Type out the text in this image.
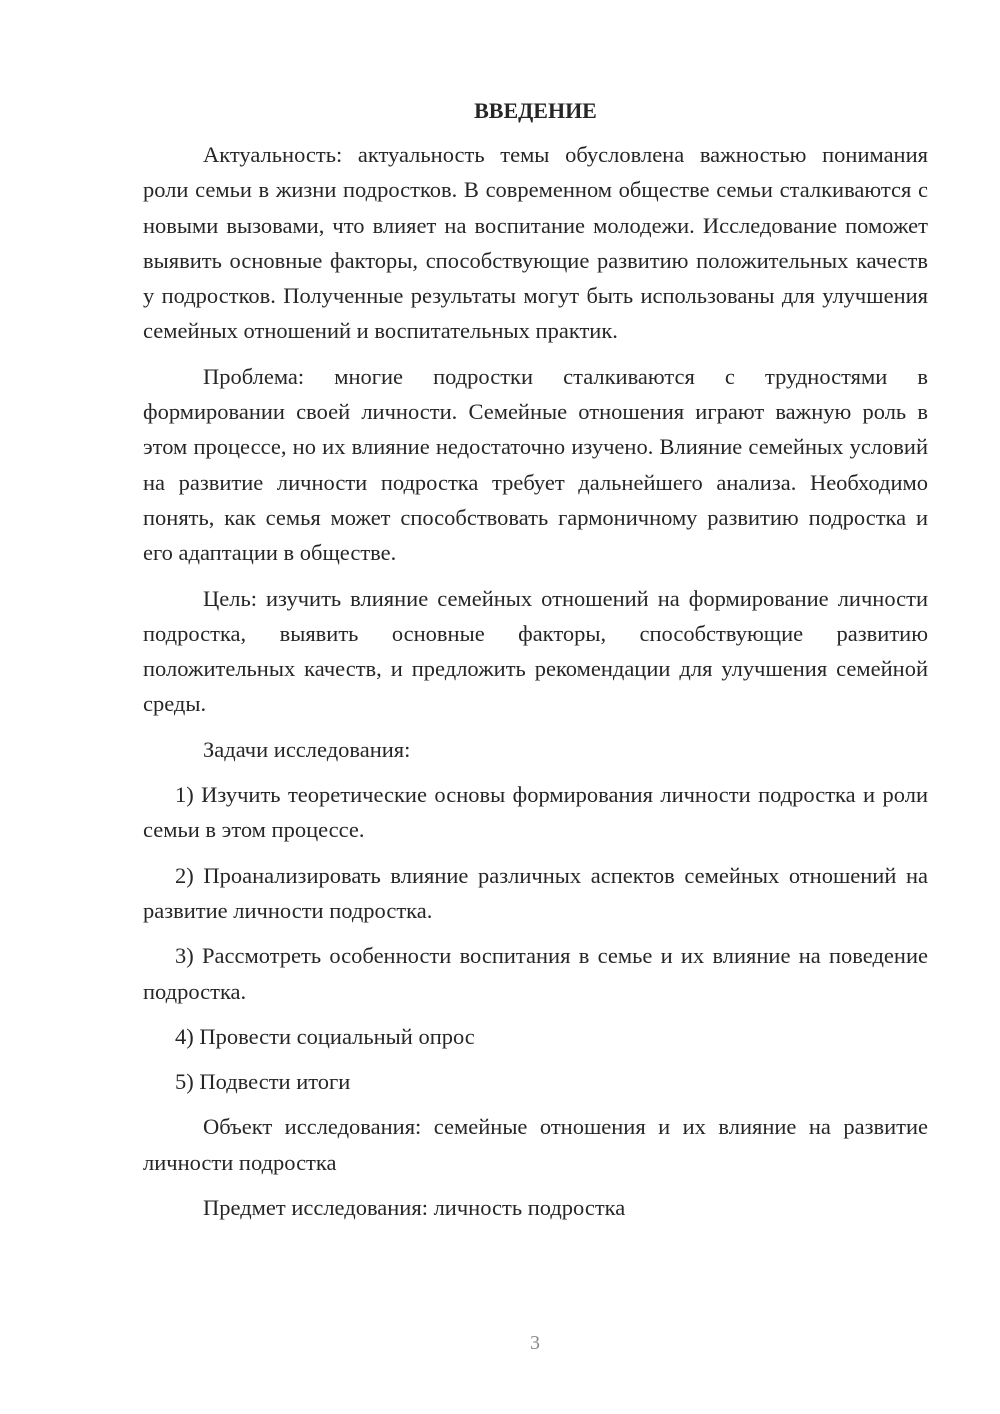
ВВЕДЕНИЕ

Актуальность: актуальность темы обусловлена важностью понимания роли семьи в жизни подростков. В современном обществе семьи сталкиваются с новыми вызовами, что влияет на воспитание молодежи. Исследование поможет выявить основные факторы, способствующие развитию положительных качеств у подростков. Полученные результаты могут быть использованы для улучшения семейных отношений и воспитательных практик.

Проблема: многие подростки сталкиваются с трудностями в формировании своей личности. Семейные отношения играют важную роль в этом процессе, но их влияние недостаточно изучено. Влияние семейных условий на развитие личности подростка требует дальнейшего анализа. Необходимо понять, как семья может способствовать гармоничному развитию подростка и его адаптации в обществе.

Цель: изучить влияние семейных отношений на формирование личности подростка, выявить основные факторы, способствующие развитию положительных качеств, и предложить рекомендации для улучшения семейной среды.

Задачи исследования:

1) Изучить теоретические основы формирования личности подростка и роли семьи в этом процессе.

2) Проанализировать влияние различных аспектов семейных отношений на развитие личности подростка.

3) Рассмотреть особенности воспитания в семье и их влияние на поведение подростка.

4) Провести социальный опрос

5) Подвести итоги

Объект исследования: семейные отношения и их влияние на развитие личности подростка

Предмет исследования: личность подростка

3
